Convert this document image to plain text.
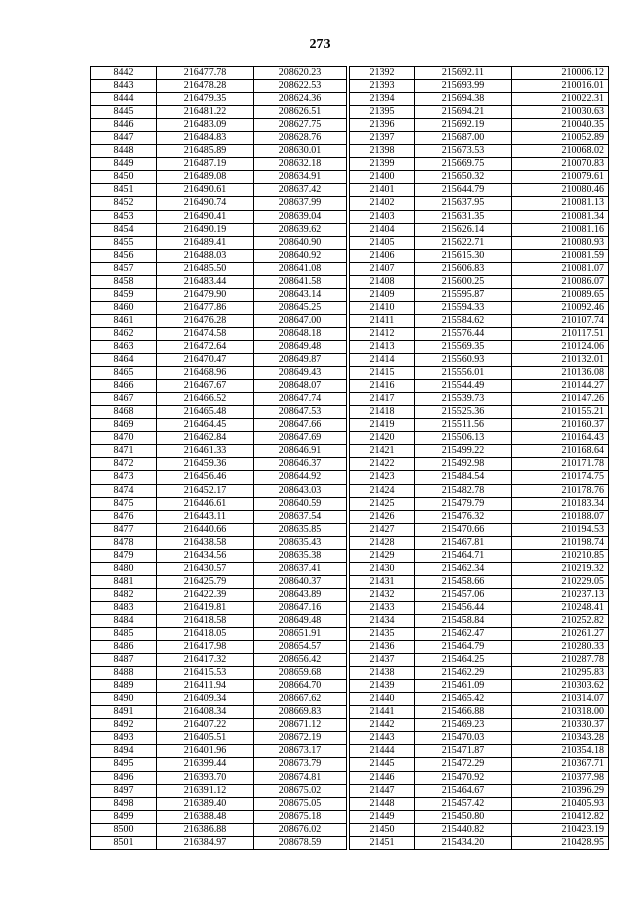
273
8442	216477.78	208620.23		21392	215692.11	210006.12
8443	216478.28	208622.53		21393	215693.99	210016.01
8444	216479.35	208624.36		21394	215694.38	210022.31
8445	216481.22	208626.51		21395	215694.21	210030.63
8446	216483.09	208627.75		21396	215692.19	210040.35
8447	216484.83	208628.76		21397	215687.00	210052.89
8448	216485.89	208630.01		21398	215673.53	210068.02
8449	216487.19	208632.18		21399	215669.75	210070.83
8450	216489.08	208634.91		21400	215650.32	210079.61
8451	216490.61	208637.42		21401	215644.79	210080.46
8452	216490.74	208637.99		21402	215637.95	210081.13
8453	216490.41	208639.04		21403	215631.35	210081.34
8454	216490.19	208639.62		21404	215626.14	210081.16
8455	216489.41	208640.90		21405	215622.71	210080.93
8456	216488.03	208640.92		21406	215615.30	210081.59
8457	216485.50	208641.08		21407	215606.83	210081.07
8458	216483.44	208641.58		21408	215600.25	210086.07
8459	216479.90	208643.14		21409	215595.87	210089.65
8460	216477.86	208645.25		21410	215594.33	210092.46
8461	216476.28	208647.00		21411	215584.62	210107.74
8462	216474.58	208648.18		21412	215576.44	210117.51
8463	216472.64	208649.48		21413	215569.35	210124.06
8464	216470.47	208649.87		21414	215560.93	210132.01
8465	216468.96	208649.43		21415	215556.01	210136.08
8466	216467.67	208648.07		21416	215544.49	210144.27
8467	216466.52	208647.74		21417	215539.73	210147.26
8468	216465.48	208647.53		21418	215525.36	210155.21
8469	216464.45	208647.66		21419	215511.56	210160.37
8470	216462.84	208647.69		21420	215506.13	210164.43
8471	216461.33	208646.91		21421	215499.22	210168.64
8472	216459.36	208646.37		21422	215492.98	210171.78
8473	216456.46	208644.92		21423	215484.54	210174.75
8474	216452.17	208643.03		21424	215482.78	210178.76
8475	216446.61	208640.59		21425	215479.79	210183.34
8476	216443.11	208637.54		21426	215476.32	210188.07
8477	216440.66	208635.85		21427	215470.66	210194.53
8478	216438.58	208635.43		21428	215467.81	210198.74
8479	216434.56	208635.38		21429	215464.71	210210.85
8480	216430.57	208637.41		21430	215462.34	210219.32
8481	216425.79	208640.37		21431	215458.66	210229.05
8482	216422.39	208643.89		21432	215457.06	210237.13
8483	216419.81	208647.16		21433	215456.44	210248.41
8484	216418.58	208649.48		21434	215458.84	210252.82
8485	216418.05	208651.91		21435	215462.47	210261.27
8486	216417.98	208654.57		21436	215464.79	210280.33
8487	216417.32	208656.42		21437	215464.25	210287.78
8488	216415.53	208659.68		21438	215462.29	210295.83
8489	216411.94	208664.70		21439	215461.09	210303.62
8490	216409.34	208667.62		21440	215465.42	210314.07
8491	216408.34	208669.83		21441	215466.88	210318.00
8492	216407.22	208671.12		21442	215469.23	210330.37
8493	216405.51	208672.19		21443	215470.03	210343.28
8494	216401.96	208673.17		21444	215471.87	210354.18
8495	216399.44	208673.79		21445	215472.29	210367.71
8496	216393.70	208674.81		21446	215470.92	210377.98
8497	216391.12	208675.02		21447	215464.67	210396.29
8498	216389.40	208675.05		21448	215457.42	210405.93
8499	216388.48	208675.18		21449	215450.80	210412.82
8500	216386.88	208676.02		21450	215440.82	210423.19
8501	216384.97	208678.59		21451	215434.20	210428.95
